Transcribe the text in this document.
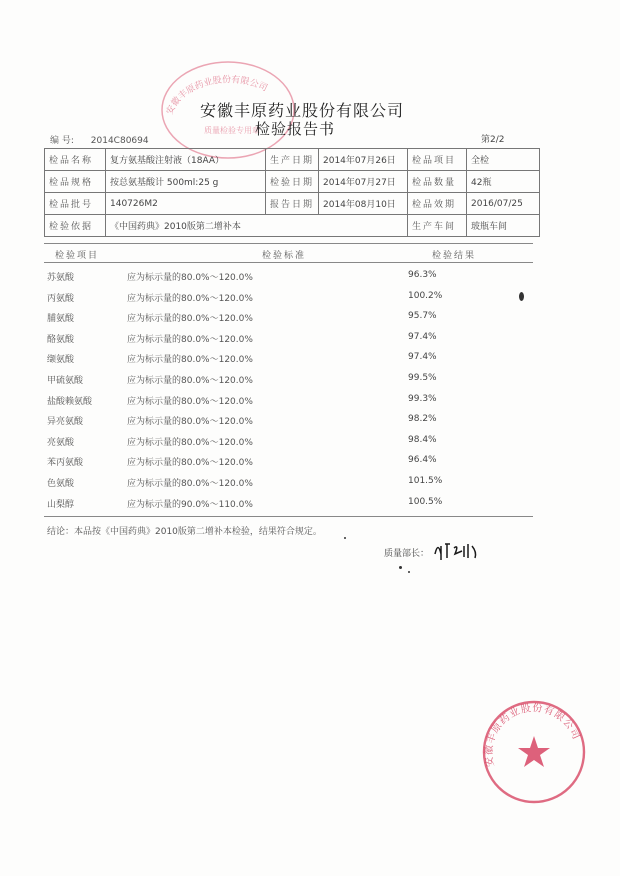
安徽丰原药业股份有限公司
质量检验专用章
安徽丰原药业股份有限公司
检验报告书
编 号: 2014C80694	第2/2
检品名称	复方氨基酸注射液（18AA）	生产日期	2014年07月26日	检品项目	全检
检品规格	按总氨基酸计 500ml:25 g	检验日期	2014年07月27日	检品数量	42瓶
检品批号	140726M2	报告日期	2014年08月10日	检品效期	2016/07/25
检验依据	《中国药典》2010版第二增补本			生产车间	玻瓶车间
检验项目	检验标准	检验结果
苏氨酸	应为标示量的80.0%～120.0%	96.3%
丙氨酸	应为标示量的80.0%～120.0%	100.2%
脯氨酸	应为标示量的80.0%～120.0%	95.7%
酪氨酸	应为标示量的80.0%～120.0%	97.4%
缬氨酸	应为标示量的80.0%～120.0%	97.4%
甲硫氨酸	应为标示量的80.0%～120.0%	99.5%
盐酸赖氨酸	应为标示量的80.0%～120.0%	99.3%
异亮氨酸	应为标示量的80.0%～120.0%	98.2%
亮氨酸	应为标示量的80.0%～120.0%	98.4%
苯丙氨酸	应为标示量的80.0%～120.0%	96.4%
色氨酸	应为标示量的80.0%～120.0%	101.5%
山梨醇	应为标示量的90.0%～110.0%	100.5%
结论：本品按《中国药典》2010版第二增补本检验，结果符合规定。
质量部长：
安徽丰原药业股份有限公司
